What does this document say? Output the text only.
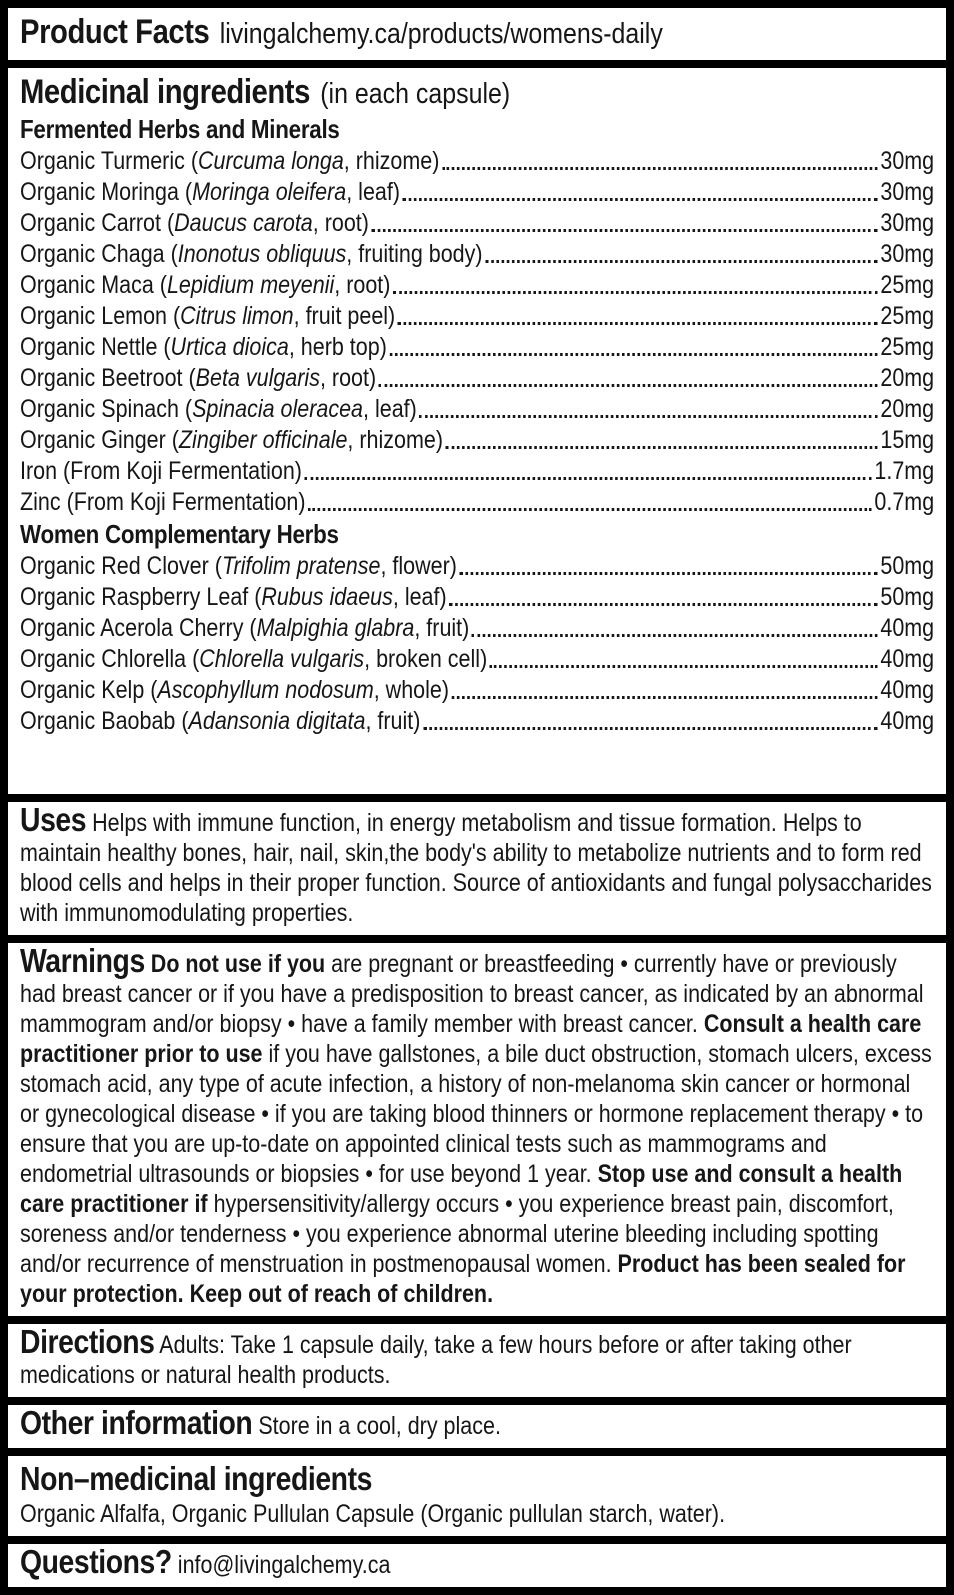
Product Facts livingalchemy.ca/products/womens-daily
Medicinal ingredients (in each capsule)
Fermented Herbs and Minerals
Organic Turmeric (Curcuma longa, rhizome)	30mg
Organic Moringa (Moringa oleifera, leaf)	30mg
Organic Carrot (Daucus carota, root)	30mg
Organic Chaga (Inonotus obliquus, fruiting body)	30mg
Organic Maca (Lepidium meyenii, root)	25mg
Organic Lemon (Citrus limon, fruit peel)	25mg
Organic Nettle (Urtica dioica, herb top)	25mg
Organic Beetroot (Beta vulgaris, root)	20mg
Organic Spinach (Spinacia oleracea, leaf)	20mg
Organic Ginger (Zingiber officinale, rhizome)	15mg
Iron (From Koji Fermentation)	1.7mg
Zinc (From Koji Fermentation)	0.7mg
Women Complementary Herbs
Organic Red Clover (Trifolim pratense, flower)	50mg
Organic Raspberry Leaf (Rubus idaeus, leaf)	50mg
Organic Acerola Cherry (Malpighia glabra, fruit)	40mg
Organic Chlorella (Chlorella vulgaris, broken cell)	40mg
Organic Kelp (Ascophyllum nodosum, whole)	40mg
Organic Baobab (Adansonia digitata, fruit)	40mg

Uses Helps with immune function, in energy metabolism and tissue formation. Helps to maintain healthy bones, hair, nail, skin,the body's ability to metabolize nutrients and to form red blood cells and helps in their proper function. Source of antioxidants and fungal polysaccharides with immunomodulating properties.

Warnings Do not use if you are pregnant or breastfeeding • currently have or previously had breast cancer or if you have a predisposition to breast cancer, as indicated by an abnormal mammogram and/or biopsy • have a family member with breast cancer. Consult a health care practitioner prior to use if you have gallstones, a bile duct obstruction, stomach ulcers, excess stomach acid, any type of acute infection, a history of non-melanoma skin cancer or hormonal or gynecological disease • if you are taking blood thinners or hormone replacement therapy • to ensure that you are up-to-date on appointed clinical tests such as mammograms and endometrial ultrasounds or biopsies • for use beyond 1 year. Stop use and consult a health care practitioner if hypersensitivity/allergy occurs • you experience breast pain, discomfort, soreness and/or tenderness • you experience abnormal uterine bleeding including spotting and/or recurrence of menstruation in postmenopausal women. Product has been sealed for your protection. Keep out of reach of children.

Directions Adults: Take 1 capsule daily, take a few hours before or after taking other medications or natural health products.

Other information Store in a cool, dry place.

Non–medicinal ingredients
Organic Alfalfa, Organic Pullulan Capsule (Organic pullulan starch, water).

Questions? info@livingalchemy.ca
